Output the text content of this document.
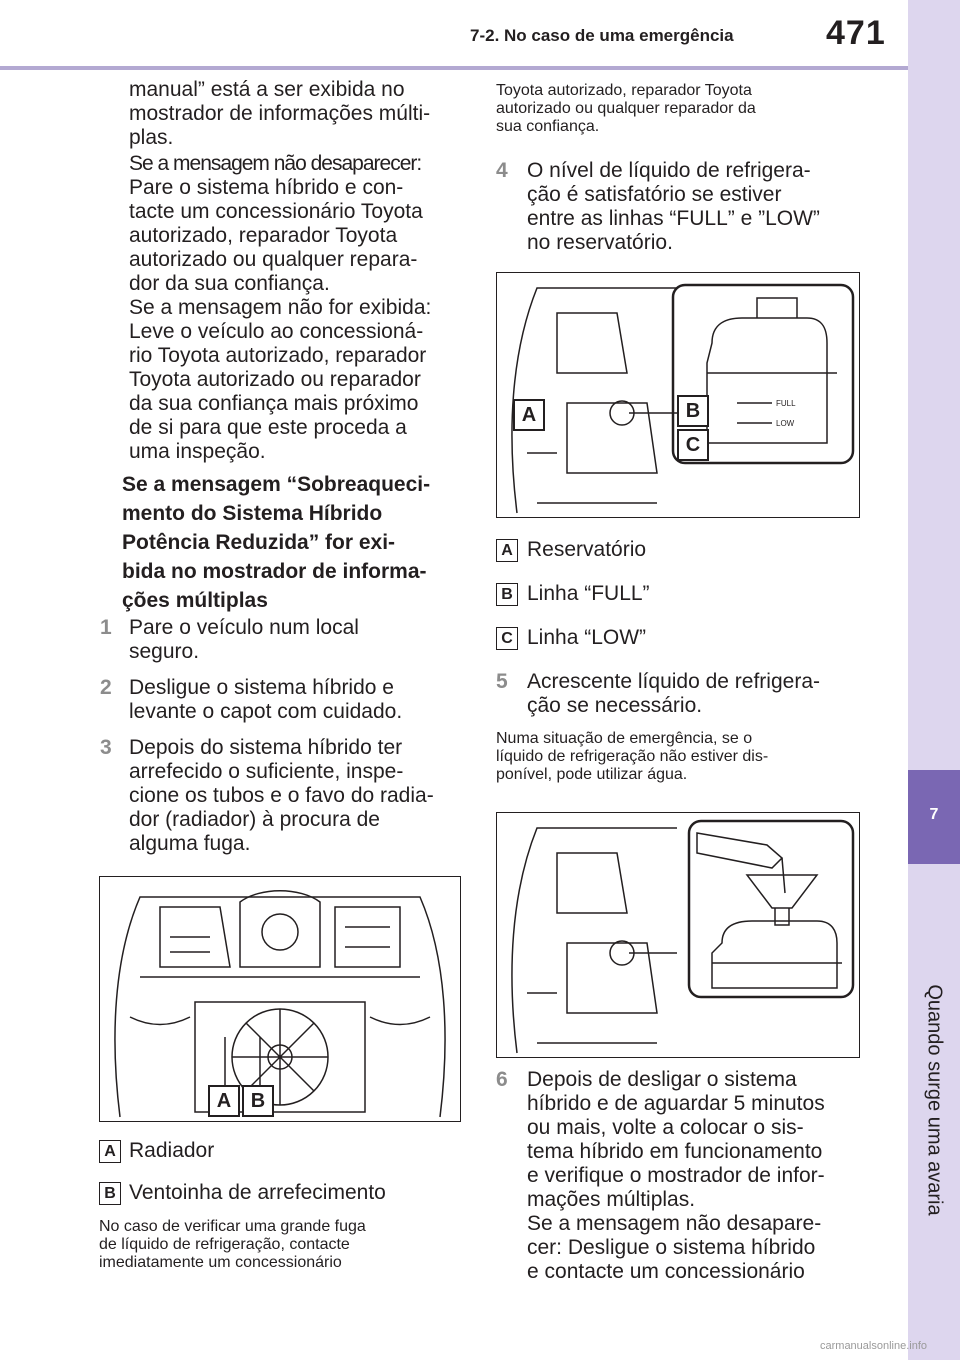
7-2. No caso de uma emergência	471
7
Quando surge uma avaria
manual” está a ser exibida no
mostrador de informações múlti-
plas.
Se a mensagem não desaparecer:
Pare o sistema híbrido e con-
tacte um concessionário Toyota
autorizado, reparador Toyota
autorizado ou qualquer repara-
dor da sua confiança.
Se a mensagem não for exibida:
Leve o veículo ao concessioná-
rio Toyota autorizado, reparador
Toyota autorizado ou reparador
da sua confiança mais próximo
de si para que este proceda a
uma inspeção.
Se a mensagem “Sobreaqueci-
mento do Sistema Híbrido
Potência Reduzida” for exi-
bida no mostrador de informa-
ções múltiplas
1 Pare o veículo num local
seguro.
2 Desligue o sistema híbrido e
levante o capot com cuidado.
3 Depois do sistema híbrido ter
arrefecido o suficiente, inspe-
cione os tubos e o favo do radia-
dor (radiador) à procura de
alguma fuga.
A B
A Radiador
B Ventoinha de arrefecimento
No caso de verificar uma grande fuga
de líquido de refrigeração, contacte
imediatamente um concessionário
Toyota autorizado, reparador Toyota
autorizado ou qualquer reparador da
sua confiança.
4 O nível de líquido de refrigera-
ção é satisfatório se estiver
entre as linhas “FULL” e ”LOW”
no reservatório.
FULL
LOW
A	B
C
A Reservatório
B Linha “FULL”
C Linha “LOW”
5 Acrescente líquido de refrigera-
ção se necessário.
Numa situação de emergência, se o
líquido de refrigeração não estiver dis-
ponível, pode utilizar água.
6 Depois de desligar o sistema
híbrido e de aguardar 5 minutos
ou mais, volte a colocar o sis-
tema híbrido em funcionamento
e verifique o mostrador de infor-
mações múltiplas.
Se a mensagem não desapare-
cer: Desligue o sistema híbrido
e contacte um concessionário
carmanualsonline.info
